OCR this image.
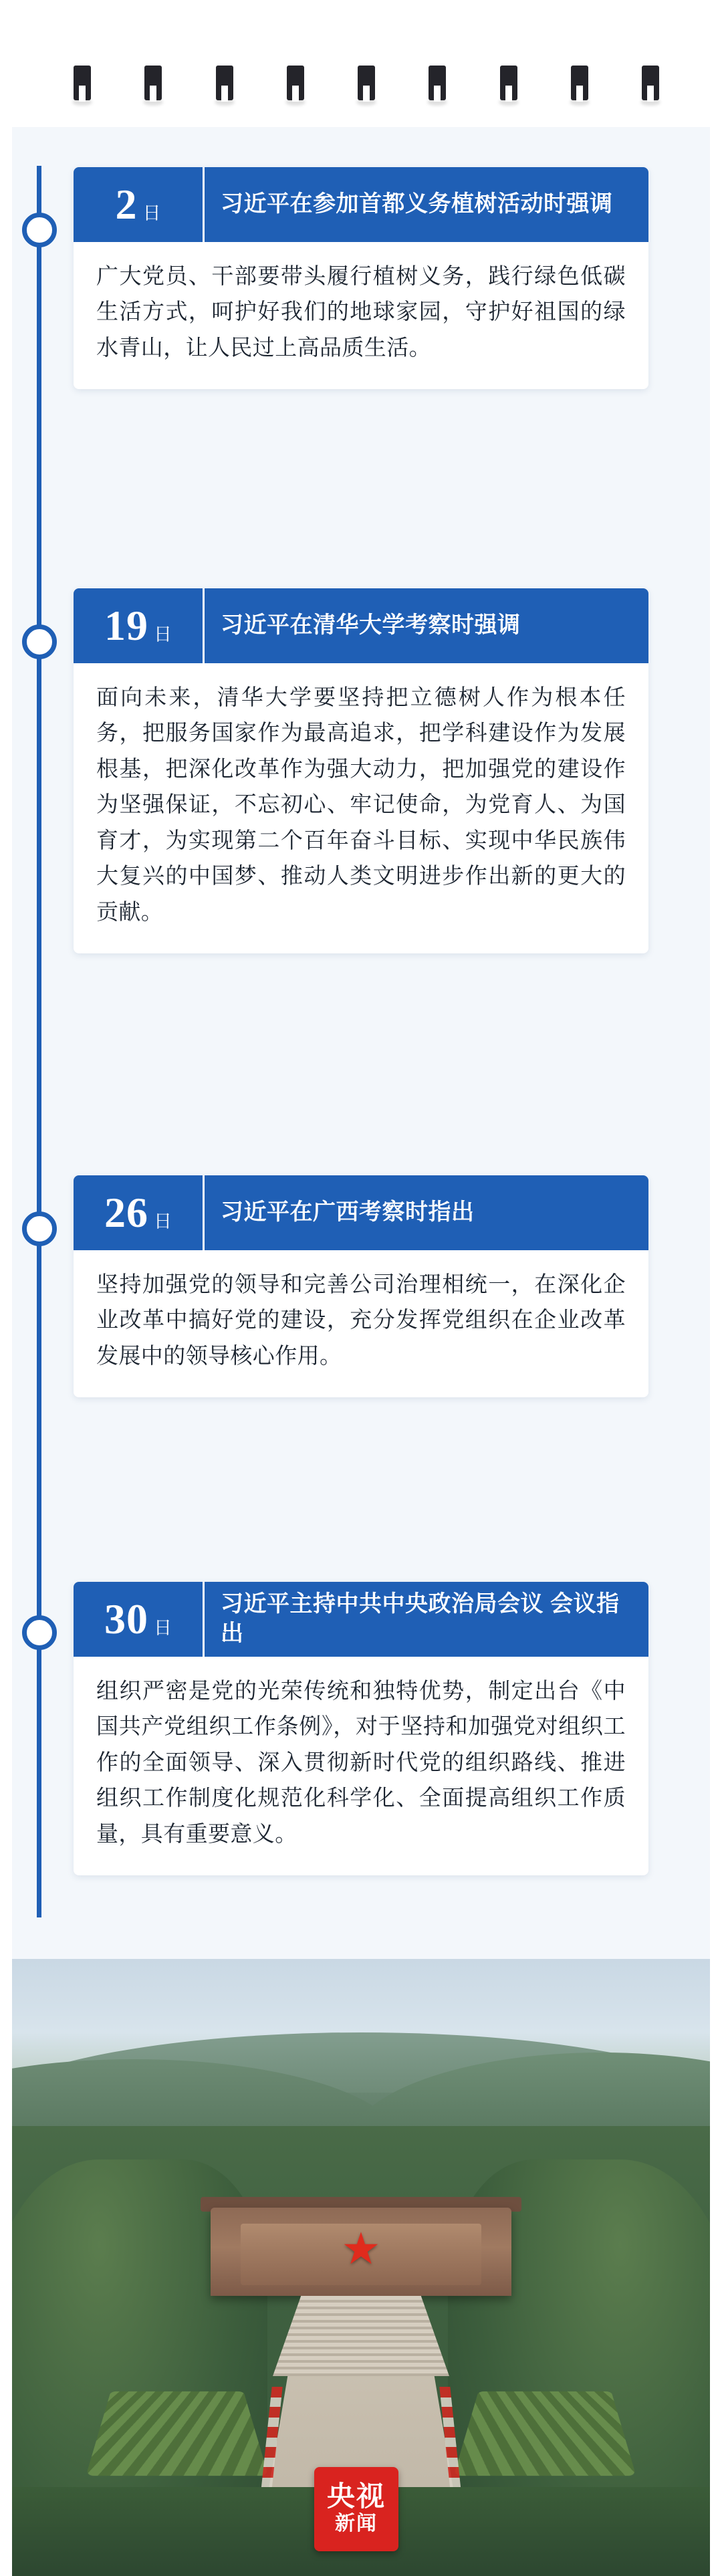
2 日	习近平在参加首都义务植树活动时强调
广大党员、干部要带头履行植树义务，践行绿色低碳生活方式，呵护好我们的地球家园，守护好祖国的绿水青山，让人民过上高品质生活。
19 日	习近平在清华大学考察时强调
面向未来，清华大学要坚持把立德树人作为根本任务，把服务国家作为最高追求，把学科建设作为发展根基，把深化改革作为强大动力，把加强党的建设作为坚强保证，不忘初心、牢记使命，为党育人、为国育才，为实现第二个百年奋斗目标、实现中华民族伟大复兴的中国梦、推动人类文明进步作出新的更大的贡献。
26 日	习近平在广西考察时指出
坚持加强党的领导和完善公司治理相统一，在深化企业改革中搞好党的建设，充分发挥党组织在企业改革发展中的领导核心作用。
30 日
习近平主持中共中央政治局会议 会议指出
组织严密是党的光荣传统和独特优势，制定出台《中国共产党组织工作条例》，对于坚持和加强党对组织工作的全面领导、深入贯彻新时代党的组织路线、推进组织工作制度化规范化科学化、全面提高组织工作质量，具有重要意义。
★
央视
新闻
